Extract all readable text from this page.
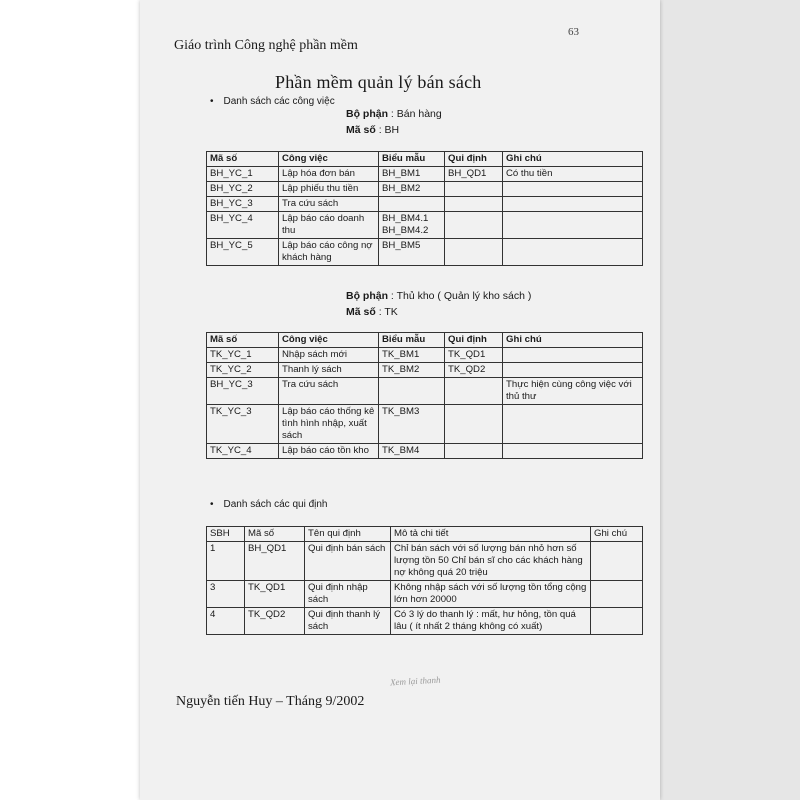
63
Giáo trình Công nghệ phần mềm
Phần mềm quản lý bán sách
• Danh sách các công việc
Bộ phận : Bán hàng
Mã số : BH
Mã số	Công việc	Biểu mẫu	Qui định	Ghi chú
BH_YC_1	Lập hóa đơn bán	BH_BM1	BH_QD1	Có thu tiền
BH_YC_2	Lập phiếu thu tiền	BH_BM2		
BH_YC_3	Tra cứu sách			
BH_YC_4	Lập báo cáo doanh thu	BH_BM4.1 BH_BM4.2		
BH_YC_5	Lập báo cáo công nợ khách hàng	BH_BM5		
Bộ phận : Thủ kho ( Quản lý kho sách )
Mã số : TK
Mã số	Công việc	Biểu mẫu	Qui định	Ghi chú
TK_YC_1	Nhập sách mới	TK_BM1	TK_QD1	
TK_YC_2	Thanh lý sách	TK_BM2	TK_QD2	
BH_YC_3	Tra cứu sách			Thực hiện cùng công việc với thủ thư
TK_YC_3	Lập báo cáo thống kê tình hình nhập, xuất sách	TK_BM3		
TK_YC_4	Lập báo cáo tồn kho	TK_BM4		
• Danh sách các qui định
SBH	Mã số	Tên qui định	Mô tả chi tiết	Ghi chú
1	BH_QD1	Qui định bán sách	Chỉ bán sách với số lượng bán nhỏ hơn số lượng tồn 50 Chỉ bán sĩ cho các khách hàng nợ không quá 20 triệu	
3	TK_QD1	Qui định nhập sách	Không nhập sách với số lượng tồn tổng cộng lớn hơn 20000	
4	TK_QD2	Qui định thanh lý sách	Có 3 lý do thanh lý : mất, hư hỏng, tồn quá lâu ( ít nhất 2 tháng không có xuất)	
Xem lại thanh
Nguyễn tiến Huy – Tháng 9/2002
